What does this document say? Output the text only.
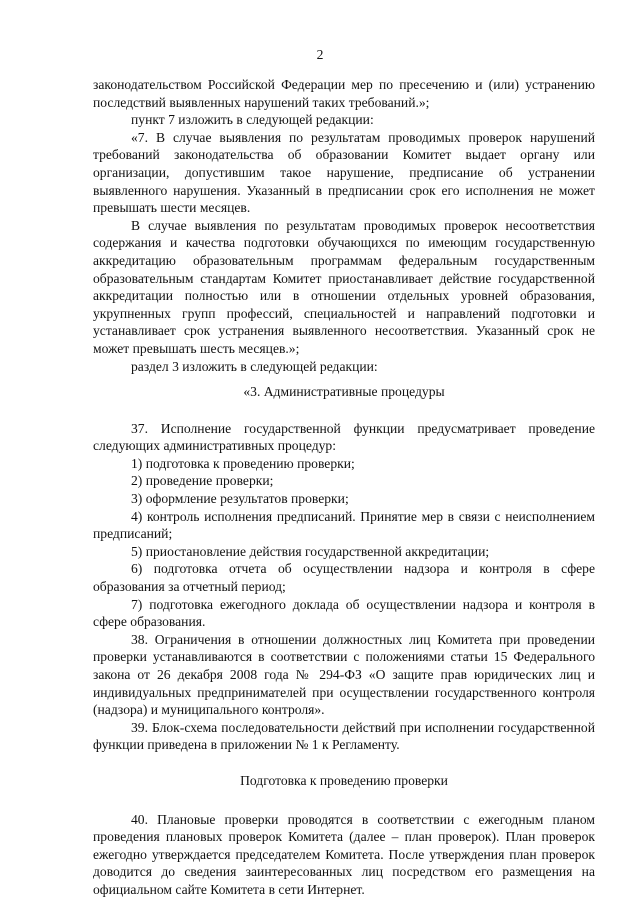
2

законодательством Российской Федерации мер по пресечению и (или) устранению последствий выявленных нарушений таких требований.»;

пункт 7 изложить в следующей редакции:

«7. В случае выявления по результатам проводимых проверок нарушений требований законодательства об образовании Комитет выдает органу или организации, допустившим такое нарушение, предписание об устранении выявленного нарушения. Указанный в предписании срок его исполнения не может превышать шести месяцев.

В случае выявления по результатам проводимых проверок несоответствия содержания и качества подготовки обучающихся по имеющим государственную аккредитацию образовательным программам федеральным государственным образовательным стандартам Комитет приостанавливает действие государственной аккредитации полностью или в отношении отдельных уровней образования, укрупненных групп профессий, специальностей и направлений подготовки и устанавливает срок устранения выявленного несоответствия. Указанный срок не может превышать шесть месяцев.»;

раздел 3 изложить в следующей редакции:

«3. Административные процедуры

37. Исполнение государственной функции предусматривает проведение следующих административных процедур:

1) подготовка к проведению проверки;

2) проведение проверки;

3) оформление результатов проверки;

4) контроль исполнения предписаний. Принятие мер в связи с неисполнением предписаний;

5) приостановление действия государственной аккредитации;

6) подготовка отчета об осуществлении надзора и контроля в сфере образования за отчетный период;

7) подготовка ежегодного доклада об осуществлении надзора и контроля в сфере образования.

38. Ограничения в отношении должностных лиц Комитета при проведении проверки устанавливаются в соответствии с положениями статьи 15 Федерального закона от 26 декабря 2008 года № 294-ФЗ «О защите прав юридических лиц и индивидуальных предпринимателей при осуществлении государственного контроля (надзора) и муниципального контроля».

39. Блок-схема последовательности действий при исполнении государственной функции приведена в приложении № 1 к Регламенту.

Подготовка к проведению проверки

40. Плановые проверки проводятся в соответствии с ежегодным планом проведения плановых проверок Комитета (далее – план проверок). План проверок ежегодно утверждается председателем Комитета. После утверждения план проверок доводится до сведения заинтересованных лиц посредством его размещения на официальном сайте Комитета в сети Интернет.
